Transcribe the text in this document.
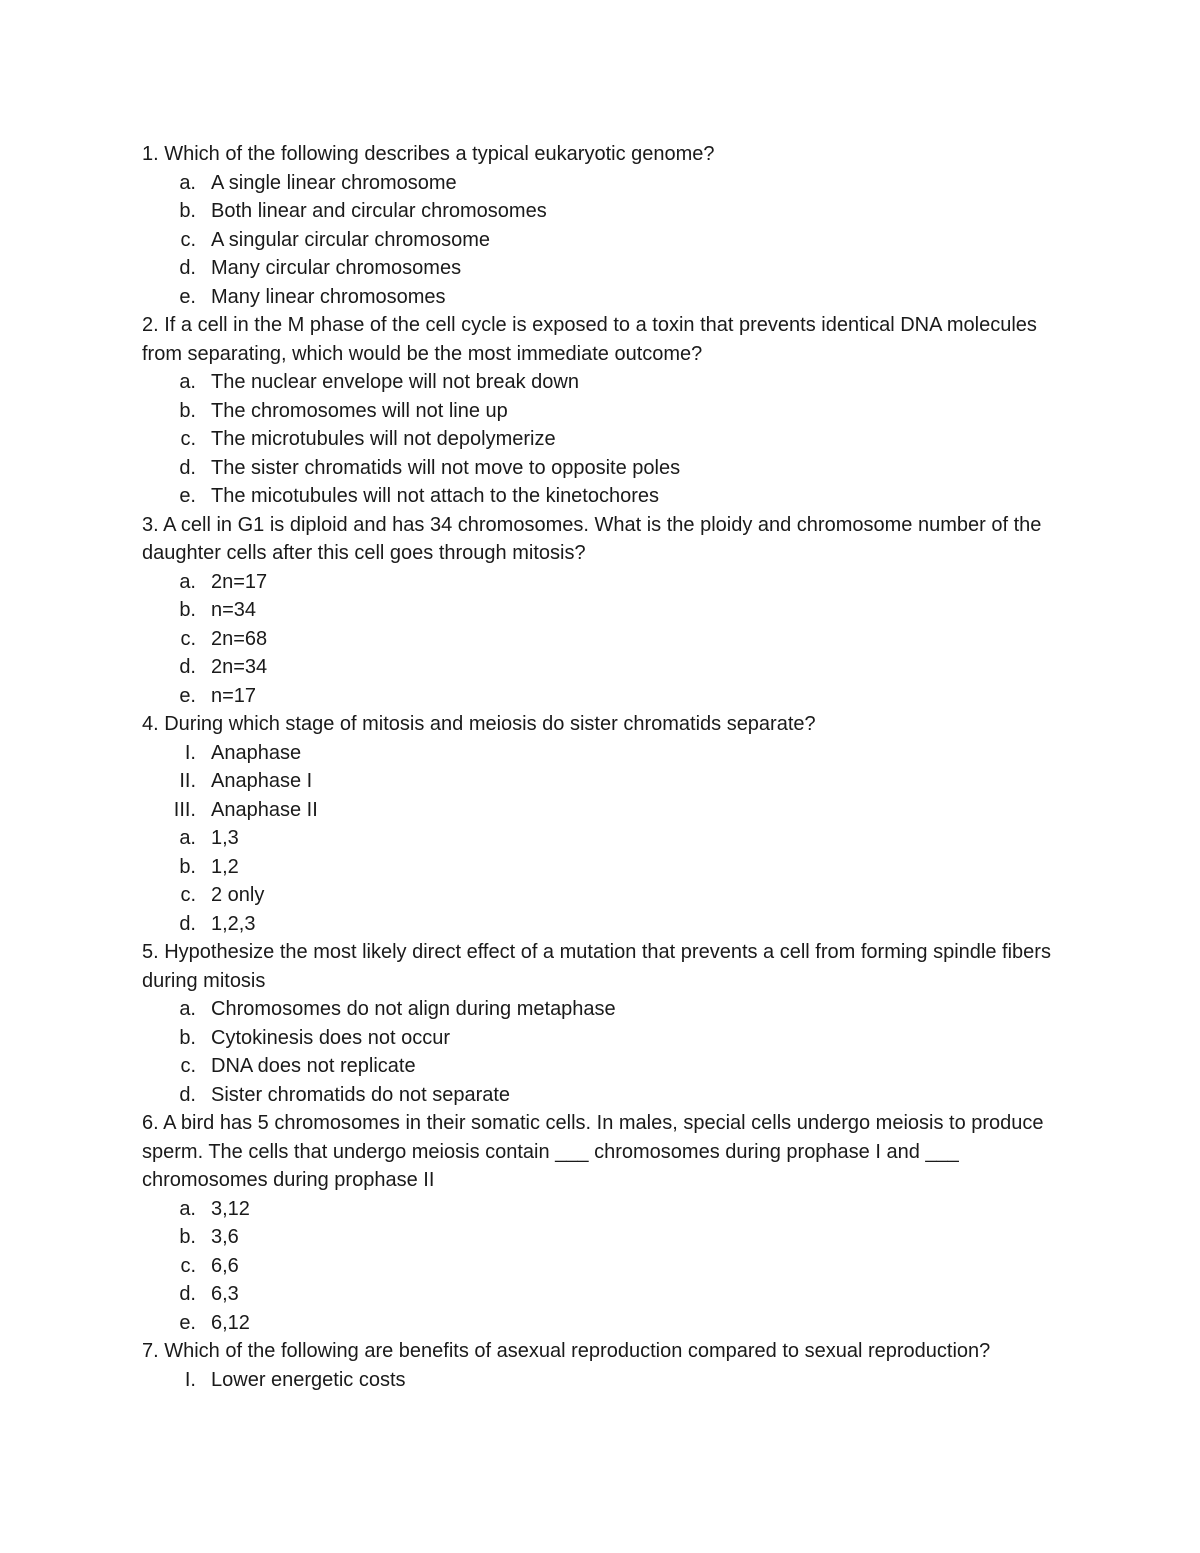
1. Which of the following describes a typical eukaryotic genome?

a. A single linear chromosome
b. Both linear and circular chromosomes
c. A singular circular chromosome
d. Many circular chromosomes
e. Many linear chromosomes

2. If a cell in the M phase of the cell cycle is exposed to a toxin that prevents identical DNA molecules from separating, which would be the most immediate outcome?

a. The nuclear envelope will not break down
b. The chromosomes will not line up
c. The microtubules will not depolymerize
d. The sister chromatids will not move to opposite poles
e. The micotubules will not attach to the kinetochores

3. A cell in G1 is diploid and has 34 chromosomes. What is the ploidy and chromosome number of the daughter cells after this cell goes through mitosis?

a. 2n=17
b. n=34
c. 2n=68
d. 2n=34
e. n=17

4. During which stage of mitosis and meiosis do sister chromatids separate?

I. Anaphase
II. Anaphase I
III. Anaphase II
a. 1,3
b. 1,2
c. 2 only
d. 1,2,3

5. Hypothesize the most likely direct effect of a mutation that prevents a cell from forming spindle fibers during mitosis

a. Chromosomes do not align during metaphase
b. Cytokinesis does not occur
c. DNA does not replicate
d. Sister chromatids do not separate

6. A bird has 5 chromosomes in their somatic cells. In males, special cells undergo meiosis to produce sperm. The cells that undergo meiosis contain ___ chromosomes during prophase I and ___ chromosomes during prophase II

a. 3,12
b. 3,6
c. 6,6
d. 6,3
e. 6,12

7. Which of the following are benefits of asexual reproduction compared to sexual reproduction?

I. Lower energetic costs
